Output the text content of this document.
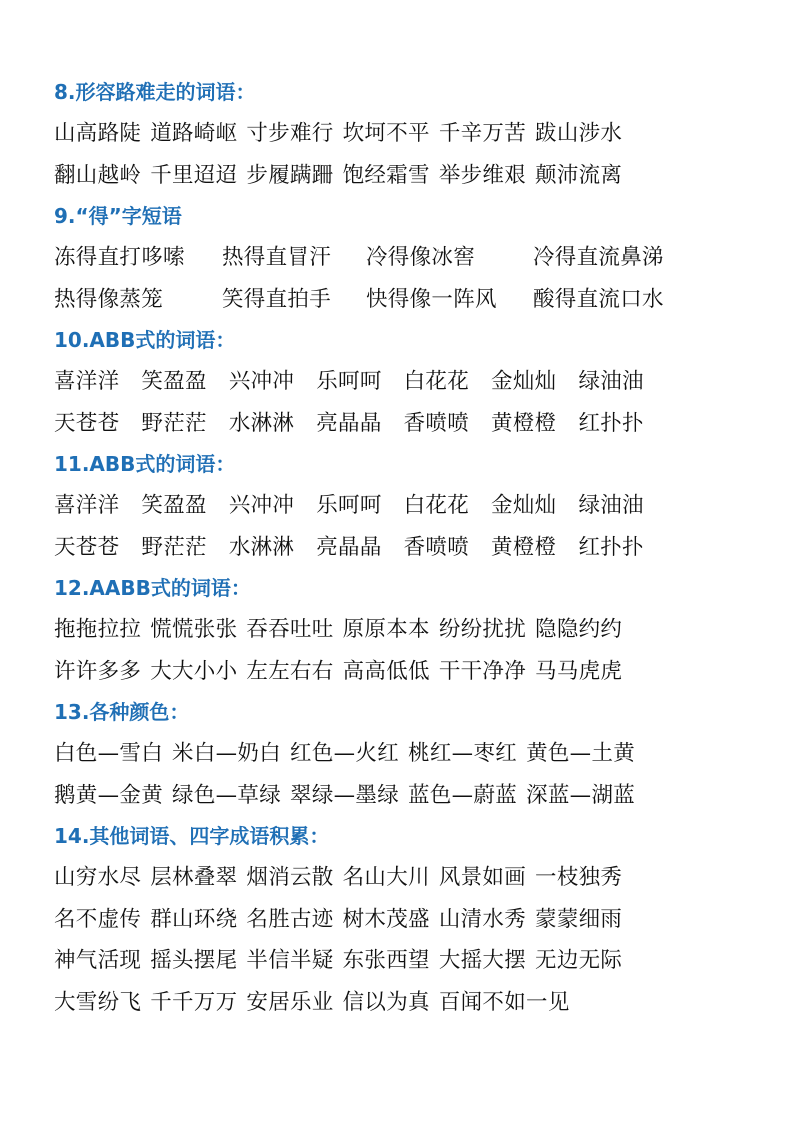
8.形容路难走的词语：
山高路陡 道路崎岖 寸步难行 坎坷不平 千辛万苦 跋山涉水
翻山越岭 千里迢迢 步履蹒跚 饱经霜雪 举步维艰 颠沛流离
9.“得”字短语
冻得直打哆嗦 热得直冒汗 冷得像冰窖	冷得直流鼻涕
热得像蒸笼	笑得直拍手 快得像一阵风 酸得直流口水
10.ABB式的词语：
喜洋洋 笑盈盈 兴冲冲 乐呵呵 白花花 金灿灿 绿油油
天苍苍 野茫茫 水淋淋 亮晶晶 香喷喷 黄橙橙 红扑扑
11.ABB式的词语：
喜洋洋 笑盈盈 兴冲冲 乐呵呵 白花花 金灿灿 绿油油
天苍苍 野茫茫 水淋淋 亮晶晶 香喷喷 黄橙橙 红扑扑
12.AABB式的词语：
拖拖拉拉 慌慌张张 吞吞吐吐 原原本本 纷纷扰扰 隐隐约约
许许多多 大大小小 左左右右 高高低低 干干净净 马马虎虎
13.各种颜色：
白色—雪白 米白—奶白 红色—火红 桃红—枣红 黄色—土黄
鹅黄—金黄 绿色—草绿 翠绿—墨绿 蓝色—蔚蓝 深蓝—湖蓝
14.其他词语、四字成语积累：
山穷水尽 层林叠翠 烟消云散 名山大川 风景如画 一枝独秀
名不虚传 群山环绕 名胜古迹 树木茂盛 山清水秀 蒙蒙细雨
神气活现 摇头摆尾 半信半疑 东张西望 大摇大摆 无边无际
大雪纷飞 千千万万 安居乐业 信以为真 百闻不如一见
